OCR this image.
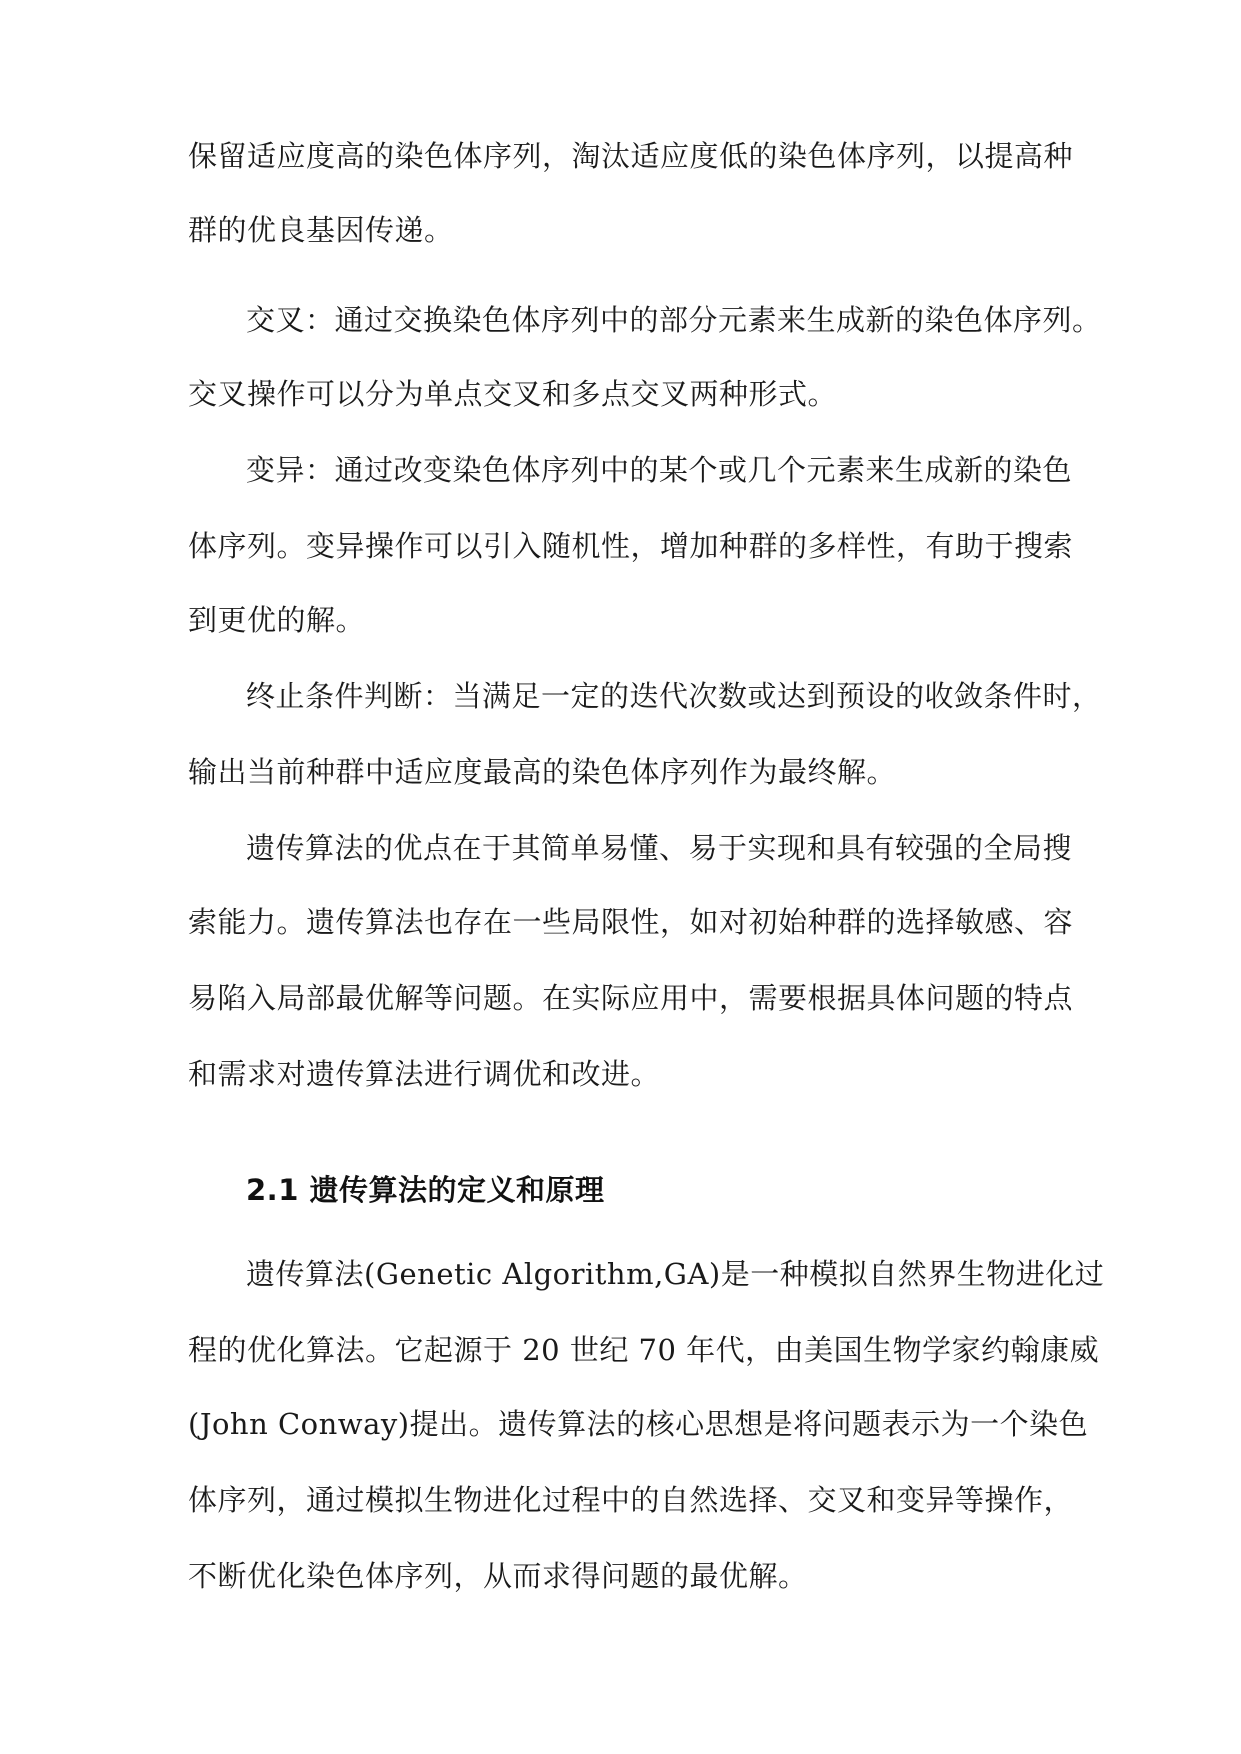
保留适应度高的染色体序列，淘汰适应度低的染色体序列，以提高种
群的优良基因传递。
交叉：通过交换染色体序列中的部分元素来生成新的染色体序列。
交叉操作可以分为单点交叉和多点交叉两种形式。
变异：通过改变染色体序列中的某个或几个元素来生成新的染色
体序列。变异操作可以引入随机性，增加种群的多样性，有助于搜索
到更优的解。
终止条件判断：当满足一定的迭代次数或达到预设的收敛条件时，
输出当前种群中适应度最高的染色体序列作为最终解。
遗传算法的优点在于其简单易懂、易于实现和具有较强的全局搜
索能力。遗传算法也存在一些局限性，如对初始种群的选择敏感、容
易陷入局部最优解等问题。在实际应用中，需要根据具体问题的特点
和需求对遗传算法进行调优和改进。
2.1 遗传算法的定义和原理
遗传算法(Genetic Algorithm,GA)是一种模拟自然界生物进化过
程的优化算法。它起源于 20 世纪 70 年代，由美国生物学家约翰康威
(John Conway)提出。遗传算法的核心思想是将问题表示为一个染色
体序列，通过模拟生物进化过程中的自然选择、交叉和变异等操作，
不断优化染色体序列，从而求得问题的最优解。
